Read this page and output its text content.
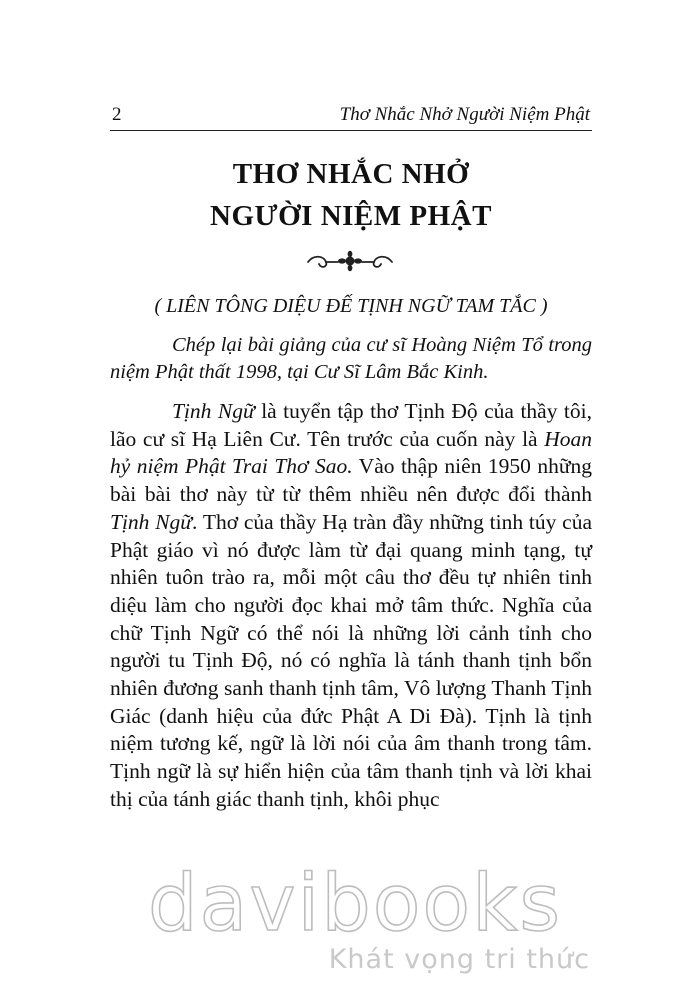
2	Thơ Nhắc Nhở Người Niệm Phật
THƠ NHẮC NHỞ
NGƯỜI NIỆM PHẬT
( LIÊN TÔNG DIỆU ĐẾ TỊNH NGỮ TAM TẮC )

Chép lại bài giảng của cư sĩ Hoàng Niệm Tổ trong niệm Phật thất 1998, tại Cư Sĩ Lâm Bắc Kinh.

Tịnh Ngữ là tuyển tập thơ Tịnh Độ của thầy tôi, lão cư sĩ Hạ Liên Cư. Tên trước của cuốn này là Hoan hỷ niệm Phật Trai Thơ Sao. Vào thập niên 1950 những bài bài thơ này từ từ thêm nhiều nên được đổi thành Tịnh Ngữ. Thơ của thầy Hạ tràn đầy những tinh túy của Phật giáo vì nó được làm từ đại quang minh tạng, tự nhiên tuôn trào ra, mỗi một câu thơ đều tự nhiên tinh diệu làm cho người đọc khai mở tâm thức. Nghĩa của chữ Tịnh Ngữ có thể nói là những lời cảnh tỉnh cho người tu Tịnh Độ, nó có nghĩa là tánh thanh tịnh bổn nhiên đương sanh thanh tịnh tâm, Vô lượng Thanh Tịnh Giác (danh hiệu của đức Phật A Di Đà). Tịnh là tịnh niệm tương kế, ngữ là lời nói của âm thanh trong tâm. Tịnh ngữ là sự hiển hiện của tâm thanh tịnh và lời khai thị của tánh giác thanh tịnh, khôi phục

davibooks
Khát vọng tri thức
